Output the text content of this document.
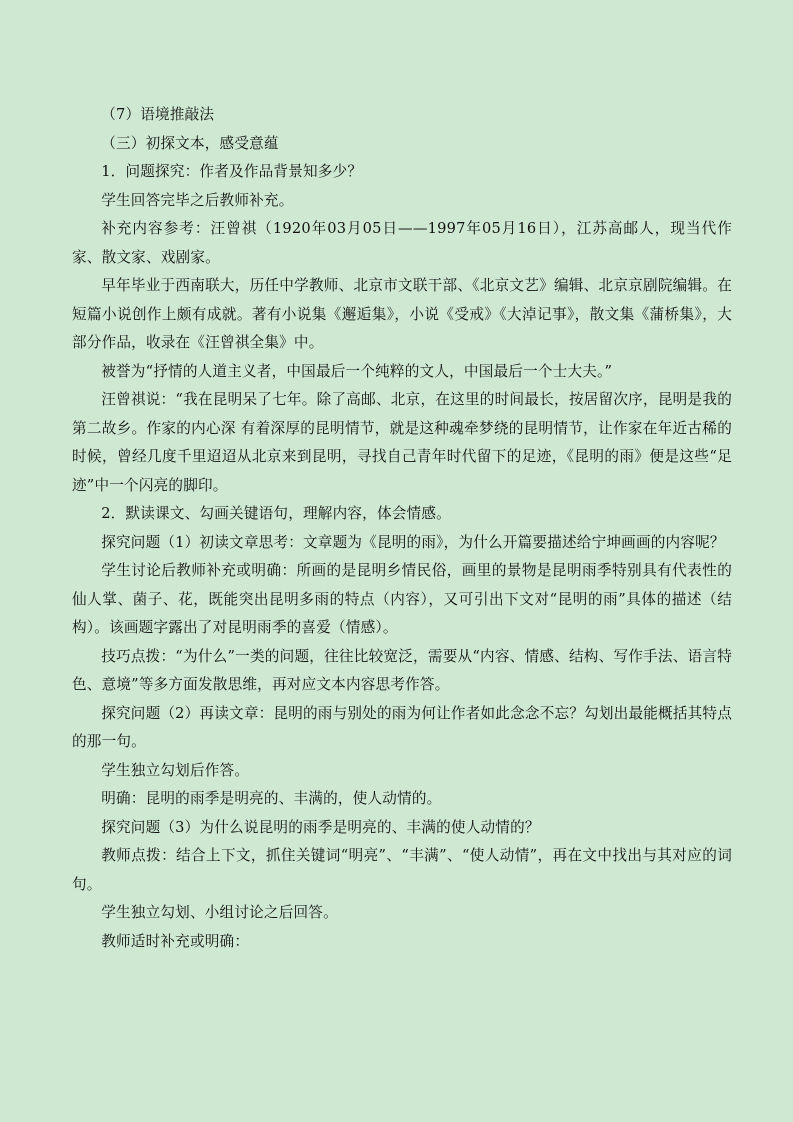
（7）语境推敲法

（三）初探文本，感受意蕴

1．问题探究：作者及作品背景知多少？

学生回答完毕之后教师补充。

补充内容参考：汪曾祺（1920年03月05日——1997年05月16日），江苏高邮人，现当代作家、散文家、戏剧家。

早年毕业于西南联大，历任中学教师、北京市文联干部、《北京文艺》编辑、北京京剧院编辑。在短篇小说创作上颇有成就。著有小说集《邂逅集》，小说《受戒》《大淖记事》，散文集《蒲桥集》，大部分作品，收录在《汪曾祺全集》中。

被誉为“抒情的人道主义者，中国最后一个纯粹的文人，中国最后一个士大夫。”

汪曾祺说：“我在昆明呆了七年。除了高邮、北京，在这里的时间最长，按居留次序，昆明是我的第二故乡。作家的内心深 有着深厚的昆明情节，就是这种魂牵梦绕的昆明情节，让作家在年近古稀的时候，曾经几度千里迢迢从北京来到昆明，寻找自己青年时代留下的足迹，《昆明的雨》便是这些“足迹”中一个闪亮的脚印。

2．默读课文、勾画关键语句，理解内容，体会情感。

探究问题（1）初读文章思考：文章题为《昆明的雨》，为什么开篇要描述给宁坤画画的内容呢？

学生讨论后教师补充或明确：所画的是昆明乡情民俗，画里的景物是昆明雨季特别具有代表性的仙人掌、菌子、花，既能突出昆明多雨的特点（内容），又可引出下文对“昆明的雨”具体的描述（结构）。该画题字露出了对昆明雨季的喜爱（情感）。

技巧点拨：“为什么”一类的问题，往往比较宽泛，需要从“内容、情感、结构、写作手法、语言特色、意境”等多方面发散思维，再对应文本内容思考作答。

探究问题（2）再读文章：昆明的雨与别处的雨为何让作者如此念念不忘？勾划出最能概括其特点的那一句。

学生独立勾划后作答。

明确：昆明的雨季是明亮的、丰满的，使人动情的。

探究问题（3）为什么说昆明的雨季是明亮的、丰满的使人动情的？

教师点拨：结合上下文，抓住关键词“明亮”、“丰满”、“使人动情”，再在文中找出与其对应的词句。

学生独立勾划、小组讨论之后回答。

教师适时补充或明确：
